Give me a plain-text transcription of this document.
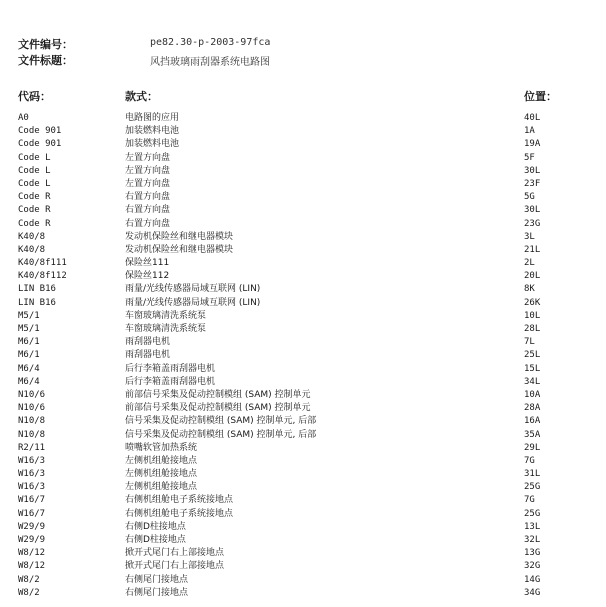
文件编号：	pe82.30-p-2003-97fca
文件标题：	风挡玻璃雨刮器系统电路图
代码：	款式：	位置：
A0	电路图的应用	40L
Code 901	加装燃料电池	1A
Code 901	加装燃料电池	19A
Code L	左置方向盘	5F
Code L	左置方向盘	30L
Code L	左置方向盘	23F
Code R	右置方向盘	5G
Code R	右置方向盘	30L
Code R	右置方向盘	23G
K40/8	发动机保险丝和继电器模块	3L
K40/8	发动机保险丝和继电器模块	21L
K40/8f111	保险丝111	2L
K40/8f112	保险丝112	20L
LIN B16	雨量/光线传感器局域互联网 (LIN)	8K
LIN B16	雨量/光线传感器局域互联网 (LIN)	26K
M5/1	车窗玻璃清洗系统泵	10L
M5/1	车窗玻璃清洗系统泵	28L
M6/1	雨刮器电机	7L
M6/1	雨刮器电机	25L
M6/4	后行李箱盖雨刮器电机	15L
M6/4	后行李箱盖雨刮器电机	34L
N10/6	前部信号采集及促动控制模组 (SAM) 控制单元	10A
N10/6	前部信号采集及促动控制模组 (SAM) 控制单元	28A
N10/8	信号采集及促动控制模组 (SAM) 控制单元, 后部	16A
N10/8	信号采集及促动控制模组 (SAM) 控制单元, 后部	35A
R2/11	喷嘴软管加热系统	29L
W16/3	左侧机组舱接地点	7G
W16/3	左侧机组舱接地点	31L
W16/3	左侧机组舱接地点	25G
W16/7	右侧机组舱电子系统接地点	7G
W16/7	右侧机组舱电子系统接地点	25G
W29/9	右侧D柱接地点	13L
W29/9	右侧D柱接地点	32L
W8/12	掀开式尾门右上部接地点	13G
W8/12	掀开式尾门右上部接地点	32G
W8/2	右侧尾门接地点	14G
W8/2	右侧尾门接地点	34G
